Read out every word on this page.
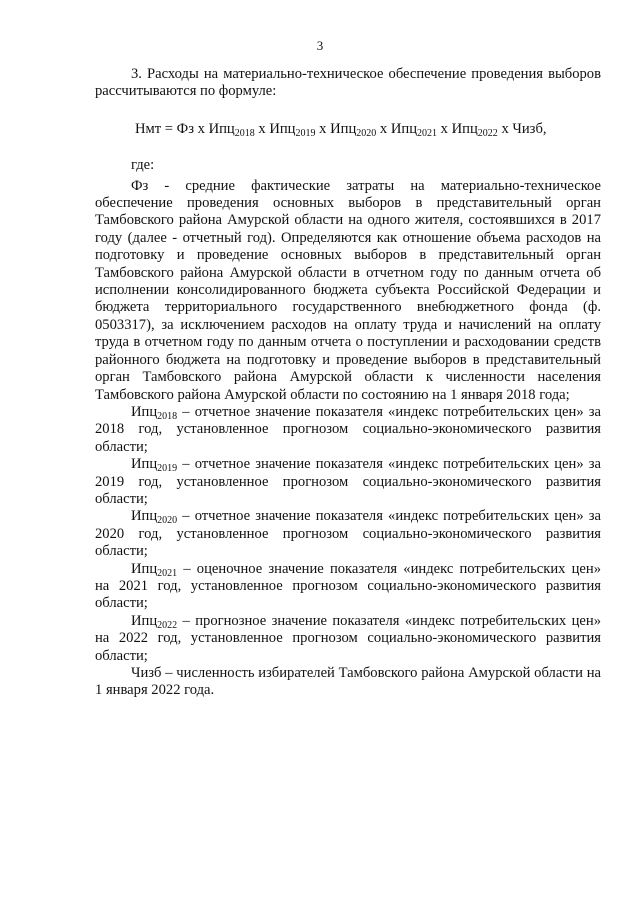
3

3. Расходы на материально-техническое обеспечение проведения выборов рассчитываются по формуле:

Нмт = Фз х Ипц$_{2018}$ х Ипц$_{2019}$ х Ипц$_{2020}$ х Ипц$_{2021}$ х Ипц$_{2022}$ х Чизб,

где:

Фз - средние фактические затраты на материально-техническое обеспечение проведения основных выборов в представительный орган Тамбовского района Амурской области на одного жителя, состоявшихся в 2017 году (далее - отчетный год). Определяются как отношение объема расходов на подготовку и проведение основных выборов в представительный орган Тамбовского района Амурской области в отчетном году по данным отчета об исполнении консолидированного бюджета субъекта Российской Федерации и бюджета территориального государственного внебюджетного фонда (ф. 0503317), за исключением расходов на оплату труда и начислений на оплату труда в отчетном году по данным отчета о поступлении и расходовании средств районного бюджета на подготовку и проведение выборов в представительный орган Тамбовского района Амурской области к численности населения Тамбовского района Амурской области по состоянию на 1 января 2018 года;

Ипц$_{2018}$ – отчетное значение показателя «индекс потребительских цен» за 2018 год, установленное прогнозом социально-экономического развития области;

Ипц$_{2019}$ – отчетное значение показателя «индекс потребительских цен» за 2019 год, установленное прогнозом социально-экономического развития области;

Ипц$_{2020}$ – отчетное значение показателя «индекс потребительских цен» за 2020 год, установленное прогнозом социально-экономического развития области;

Ипц$_{2021}$ – оценочное значение показателя «индекс потребительских цен» на 2021 год, установленное прогнозом социально-экономического развития области;

Ипц$_{2022}$ – прогнозное значение показателя «индекс потребительских цен» на 2022 год, установленное прогнозом социально-экономического развития области;

Чизб – численность избирателей Тамбовского района Амурской области на 1 января 2022 года.
